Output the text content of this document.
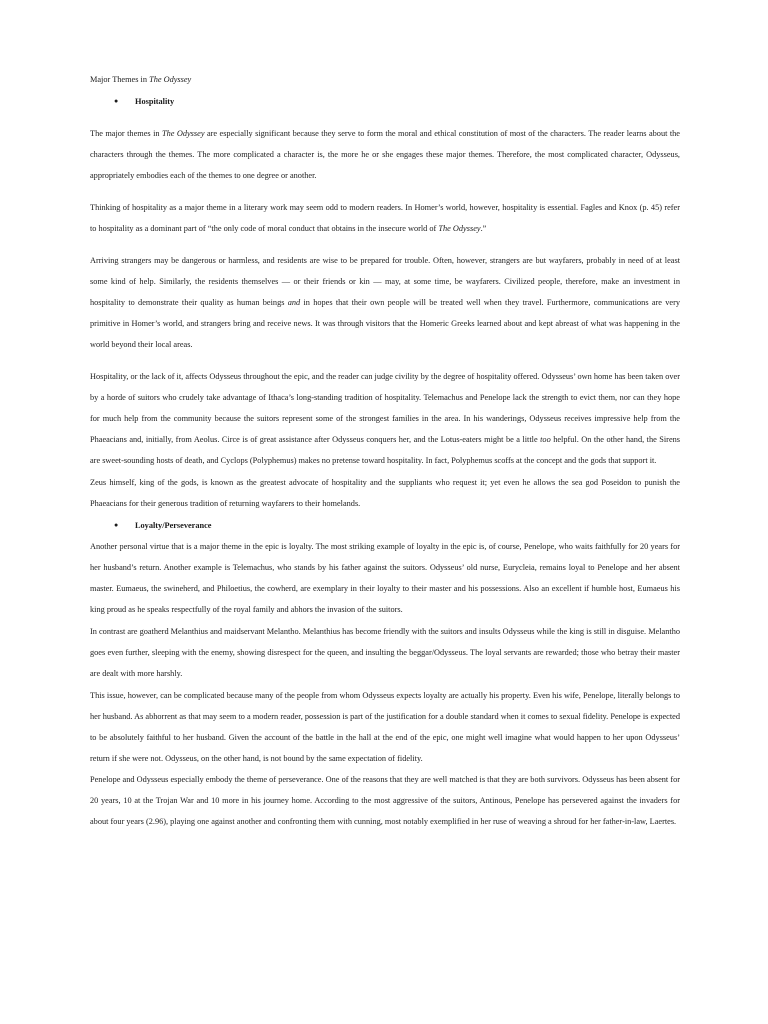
Major Themes in The Odyssey
● Hospitality

The major themes in The Odyssey are especially significant because they serve to form the moral and ethical constitution of most of the characters. The reader learns about the characters through the themes. The more complicated a character is, the more he or she engages these major themes. Therefore, the most complicated character, Odysseus, appropriately embodies each of the themes to one degree or another.

Thinking of hospitality as a major theme in a literary work may seem odd to modern readers. In Homer’s world, however, hospitality is essential. Fagles and Knox (p. 45) refer to hospitality as a dominant part of “the only code of moral conduct that obtains in the insecure world of The Odyssey.”

Arriving strangers may be dangerous or harmless, and residents are wise to be prepared for trouble. Often, however, strangers are but wayfarers, probably in need of at least some kind of help. Similarly, the residents themselves — or their friends or kin — may, at some time, be wayfarers. Civilized people, therefore, make an investment in hospitality to demonstrate their quality as human beings and in hopes that their own people will be treated well when they travel. Furthermore, communications are very primitive in Homer’s world, and strangers bring and receive news. It was through visitors that the Homeric Greeks learned about and kept abreast of what was happening in the world beyond their local areas.

Hospitality, or the lack of it, affects Odysseus throughout the epic, and the reader can judge civility by the degree of hospitality offered. Odysseus’ own home has been taken over by a horde of suitors who crudely take advantage of Ithaca’s long-standing tradition of hospitality. Telemachus and Penelope lack the strength to evict them, nor can they hope for much help from the community because the suitors represent some of the strongest families in the area. In his wanderings, Odysseus receives impressive help from the Phaeacians and, initially, from Aeolus. Circe is of great assistance after Odysseus conquers her, and the Lotus-eaters might be a little too helpful. On the other hand, the Sirens are sweet-sounding hosts of death, and Cyclops (Polyphemus) makes no pretense toward hospitality. In fact, Polyphemus scoffs at the concept and the gods that support it.

Zeus himself, king of the gods, is known as the greatest advocate of hospitality and the suppliants who request it; yet even he allows the sea god Poseidon to punish the Phaeacians for their generous tradition of returning wayfarers to their homelands.

● Loyalty/Perseverance

Another personal virtue that is a major theme in the epic is loyalty. The most striking example of loyalty in the epic is, of course, Penelope, who waits faithfully for 20 years for her husband’s return. Another example is Telemachus, who stands by his father against the suitors. Odysseus’ old nurse, Eurycleia, remains loyal to Penelope and her absent master. Eumaeus, the swineherd, and Philoetius, the cowherd, are exemplary in their loyalty to their master and his possessions. Also an excellent if humble host, Eumaeus his king proud as he speaks respectfully of the royal family and abhors the invasion of the suitors.

In contrast are goatherd Melanthius and maidservant Melantho. Melanthius has become friendly with the suitors and insults Odysseus while the king is still in disguise. Melantho goes even further, sleeping with the enemy, showing disrespect for the queen, and insulting the beggar/Odysseus. The loyal servants are rewarded; those who betray their master are dealt with more harshly.

This issue, however, can be complicated because many of the people from whom Odysseus expects loyalty are actually his property. Even his wife, Penelope, literally belongs to her husband. As abhorrent as that may seem to a modern reader, possession is part of the justification for a double standard when it comes to sexual fidelity. Penelope is expected to be absolutely faithful to her husband. Given the account of the battle in the hall at the end of the epic, one might well imagine what would happen to her upon Odysseus’ return if she were not. Odysseus, on the other hand, is not bound by the same expectation of fidelity.

Penelope and Odysseus especially embody the theme of perseverance. One of the reasons that they are well matched is that they are both survivors. Odysseus has been absent for 20 years, 10 at the Trojan War and 10 more in his journey home. According to the most aggressive of the suitors, Antinous, Penelope has persevered against the invaders for about four years (2.96), playing one against another and confronting them with cunning, most notably exemplified in her ruse of weaving a shroud for her father-in-law, Laertes.
